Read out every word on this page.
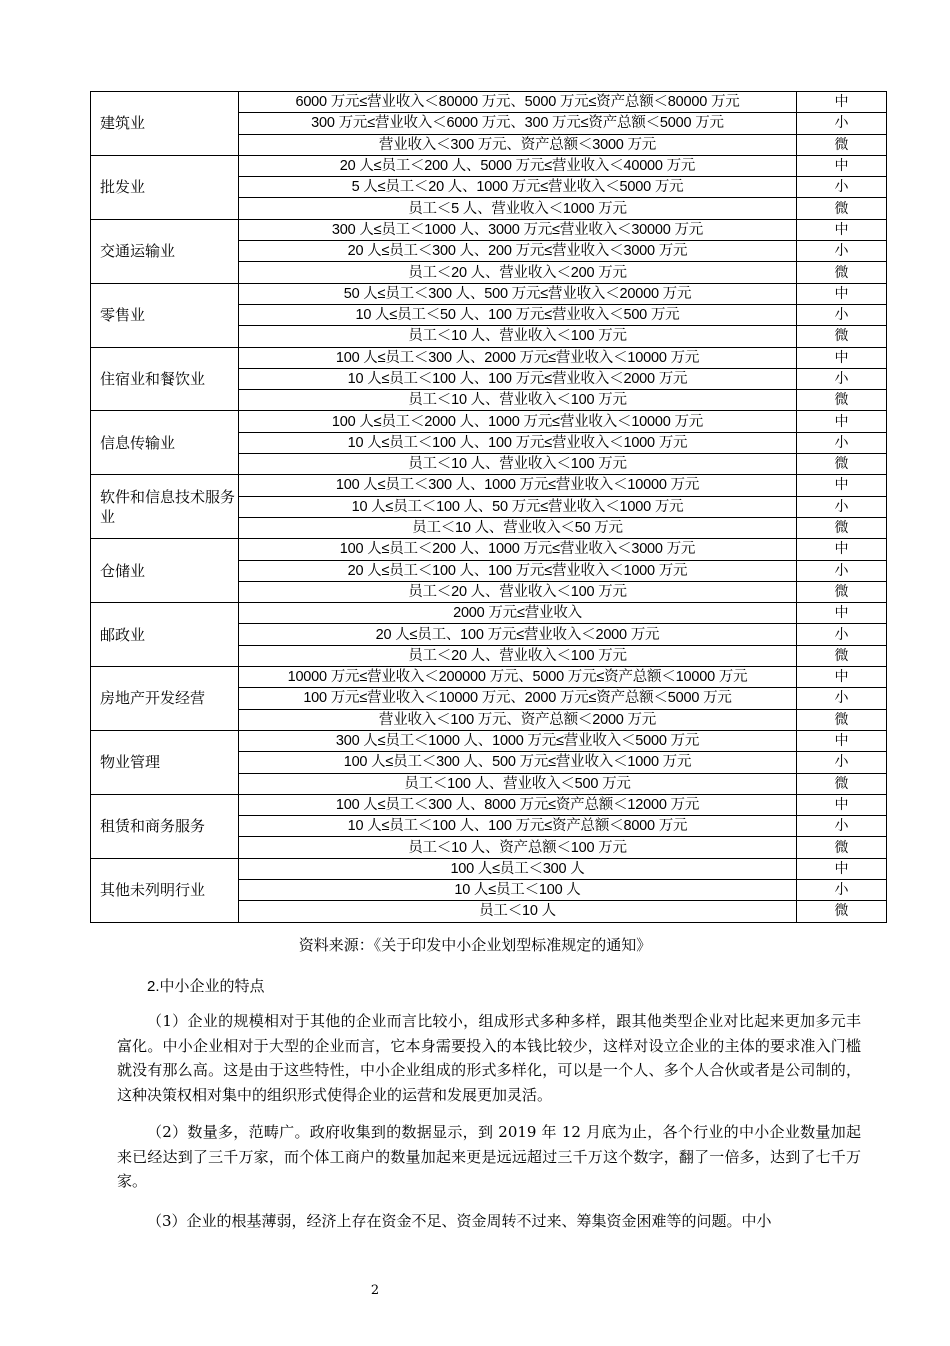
建筑业	6000 万元≤营业收入＜80000 万元、5000 万元≤资产总额＜80000 万元	中
	300 万元≤营业收入＜6000 万元、300 万元≤资产总额＜5000 万元	小
	营业收入＜300 万元、资产总额＜3000 万元	微
批发业	20 人≤员工＜200 人、5000 万元≤营业收入＜40000 万元	中
	5 人≤员工＜20 人、1000 万元≤营业收入＜5000 万元	小
	员工＜5 人、营业收入＜1000 万元	微
交通运输业	300 人≤员工＜1000 人、3000 万元≤营业收入＜30000 万元	中
	20 人≤员工＜300 人、200 万元≤营业收入＜3000 万元	小
	员工＜20 人、营业收入＜200 万元	微
零售业	50 人≤员工＜300 人、500 万元≤营业收入＜20000 万元	中
	10 人≤员工＜50 人、100 万元≤营业收入＜500 万元	小
	员工＜10 人、营业收入＜100 万元	微
住宿业和餐饮业	100 人≤员工＜300 人、2000 万元≤营业收入＜10000 万元	中
	10 人≤员工＜100 人、100 万元≤营业收入＜2000 万元	小
	员工＜10 人、营业收入＜100 万元	微
信息传输业	100 人≤员工＜2000 人、1000 万元≤营业收入＜10000 万元	中
	10 人≤员工＜100 人、100 万元≤营业收入＜1000 万元	小
	员工＜10 人、营业收入＜100 万元	微
软件和信息技术服务业	100 人≤员工＜300 人、1000 万元≤营业收入＜10000 万元	中
	10 人≤员工＜100 人、50 万元≤营业收入＜1000 万元	小
	员工＜10 人、营业收入＜50 万元	微
仓储业	100 人≤员工＜200 人、1000 万元≤营业收入＜3000 万元	中
	20 人≤员工＜100 人、100 万元≤营业收入＜1000 万元	小
	员工＜20 人、营业收入＜100 万元	微
邮政业	2000 万元≤营业收入	中
	20 人≤员工、100 万元≤营业收入＜2000 万元	小
	员工＜20 人、营业收入＜100 万元	微
房地产开发经营	10000 万元≤营业收入＜200000 万元、5000 万元≤资产总额＜10000 万元	中
	100 万元≤营业收入＜10000 万元、2000 万元≤资产总额＜5000 万元	小
	营业收入＜100 万元、资产总额＜2000 万元	微
物业管理	300 人≤员工＜1000 人、1000 万元≤营业收入＜5000 万元	中
	100 人≤员工＜300 人、500 万元≤营业收入＜1000 万元	小
	员工＜100 人、营业收入＜500 万元	微
租赁和商务服务	100 人≤员工＜300 人、8000 万元≤资产总额＜12000 万元	中
	10 人≤员工＜100 人、100 万元≤资产总额＜8000 万元	小
	员工＜10 人、资产总额＜100 万元	微
其他未列明行业	100 人≤员工＜300 人	中
	10 人≤员工＜100 人	小
	员工＜10 人	微
资料来源：《关于印发中小企业划型标准规定的通知》
2.中小企业的特点
（1）企业的规模相对于其他的企业而言比较小，组成形式多种多样，跟其他类型企业对比起来更加多元丰富化。中小企业相对于大型的企业而言，它本身需要投入的本钱比较少，这样对设立企业的主体的要求准入门槛就没有那么高。这是由于这些特性，中小企业组成的形式多样化，可以是一个人、多个人合伙或者是公司制的，这种决策权相对集中的组织形式使得企业的运营和发展更加灵活。
（2）数量多，范畴广。政府收集到的数据显示，到 2019 年 12 月底为止，各个行业的中小企业数量加起来已经达到了三千万家，而个体工商户的数量加起来更是远远超过三千万这个数字，翻了一倍多，达到了七千万家。
（3）企业的根基薄弱，经济上存在资金不足、资金周转不过来、筹集资金困难等的问题。中小
2
